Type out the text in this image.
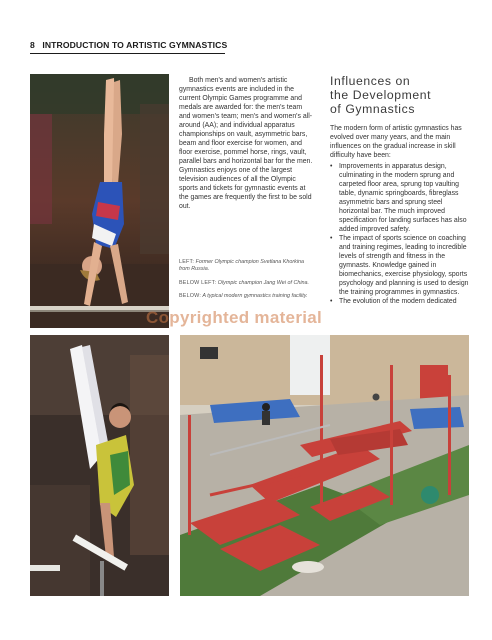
8 INTRODUCTION TO ARTISTIC GYMNASTICS

Both men's and women's artistic gymnastics events are included in the current Olympic Games programme and medals are awarded for: the men's team and women's team; men's and women's all-around (AA); and individual apparatus championships on vault, asymmetric bars, beam and floor exercise for women, and floor exercise, pommel horse, rings, vault, parallel bars and horizontal bar for the men. Gymnastics enjoys one of the largest television audiences of all the Olympic sports and tickets for gymnastic events at the games are frequently the first to be sold out.

LEFT: Former Olympic champion Svetlana Khorkina from Russia.
BELOW LEFT: Olympic champion Jang Wei of China.
BELOW: A typical modern gymnastics training facility.
Influences on
the Development
of Gymnastics

The modern form of artistic gymnastics has evolved over many years, and the main influences on the gradual increase in skill difficulty have been:

• Improvements in apparatus design, culminating in the modern sprung and carpeted floor area, sprung top vaulting table, dynamic springboards, fibreglass asymmetric bars and sprung steel horizontal bar. The much improved specification for landing surfaces has also added improved safety.
• The impact of sports science on coaching and training regimes, leading to incredible levels of strength and fitness in the gymnasts. Knowledge gained in biomechanics, exercise physiology, sports psychology and planning is used to design the training programmes in gymnastics.
• The evolution of the modern dedicated
Copyrighted material
